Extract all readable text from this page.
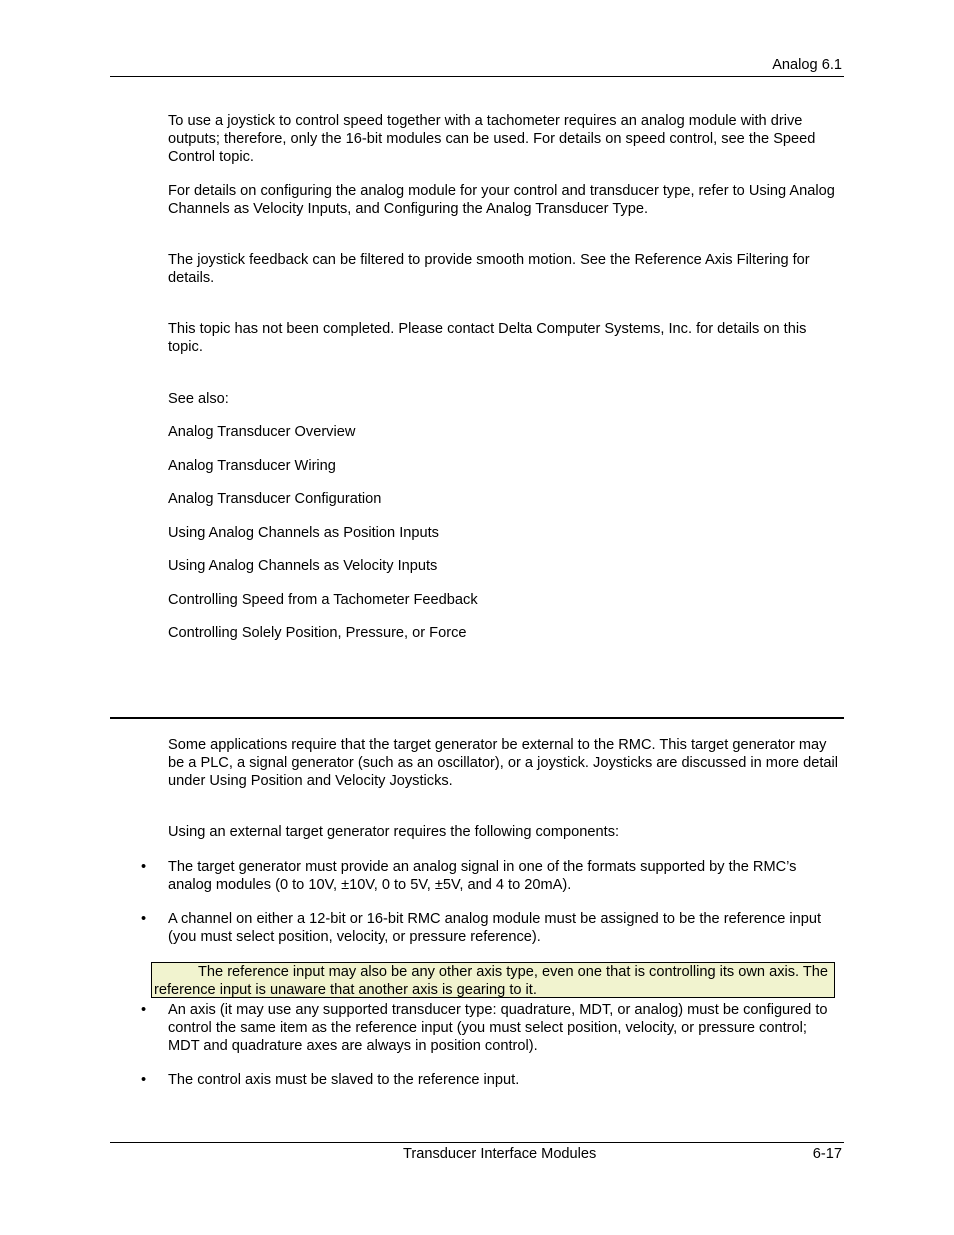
Analog 6.1

To use a joystick to control speed together with a tachometer requires an analog module with drive outputs; therefore, only the 16-bit modules can be used. For details on speed control, see the Speed Control topic.

For details on configuring the analog module for your control and transducer type, refer to Using Analog Channels as Velocity Inputs, and Configuring the Analog Transducer Type.

The joystick feedback can be filtered to provide smooth motion. See the Reference Axis Filtering for details.

This topic has not been completed. Please contact Delta Computer Systems, Inc. for details on this topic.

See also:

Analog Transducer Overview
Analog Transducer Wiring
Analog Transducer Configuration
Using Analog Channels as Position Inputs
Using Analog Channels as Velocity Inputs
Controlling Speed from a Tachometer Feedback
Controlling Solely Position, Pressure, or Force

Some applications require that the target generator be external to the RMC. This target generator may be a PLC, a signal generator (such as an oscillator), or a joystick. Joysticks are discussed in more detail under Using Position and Velocity Joysticks.

Using an external target generator requires the following components:

• The target generator must provide an analog signal in one of the formats supported by the RMC’s analog modules (0 to 10V, ±10V, 0 to 5V, ±5V, and 4 to 20mA).

• A channel on either a 12-bit or 16-bit RMC analog module must be assigned to be the reference input (you must select position, velocity, or pressure reference).

The reference input may also be any other axis type, even one that is controlling its own axis. The reference input is unaware that another axis is gearing to it.
• An axis (it may use any supported transducer type: quadrature, MDT, or analog) must be configured to control the same item as the reference input (you must select position, velocity, or pressure control; MDT and quadrature axes are always in position control).

• The control axis must be slaved to the reference input.

Transducer Interface Modules	6-17
